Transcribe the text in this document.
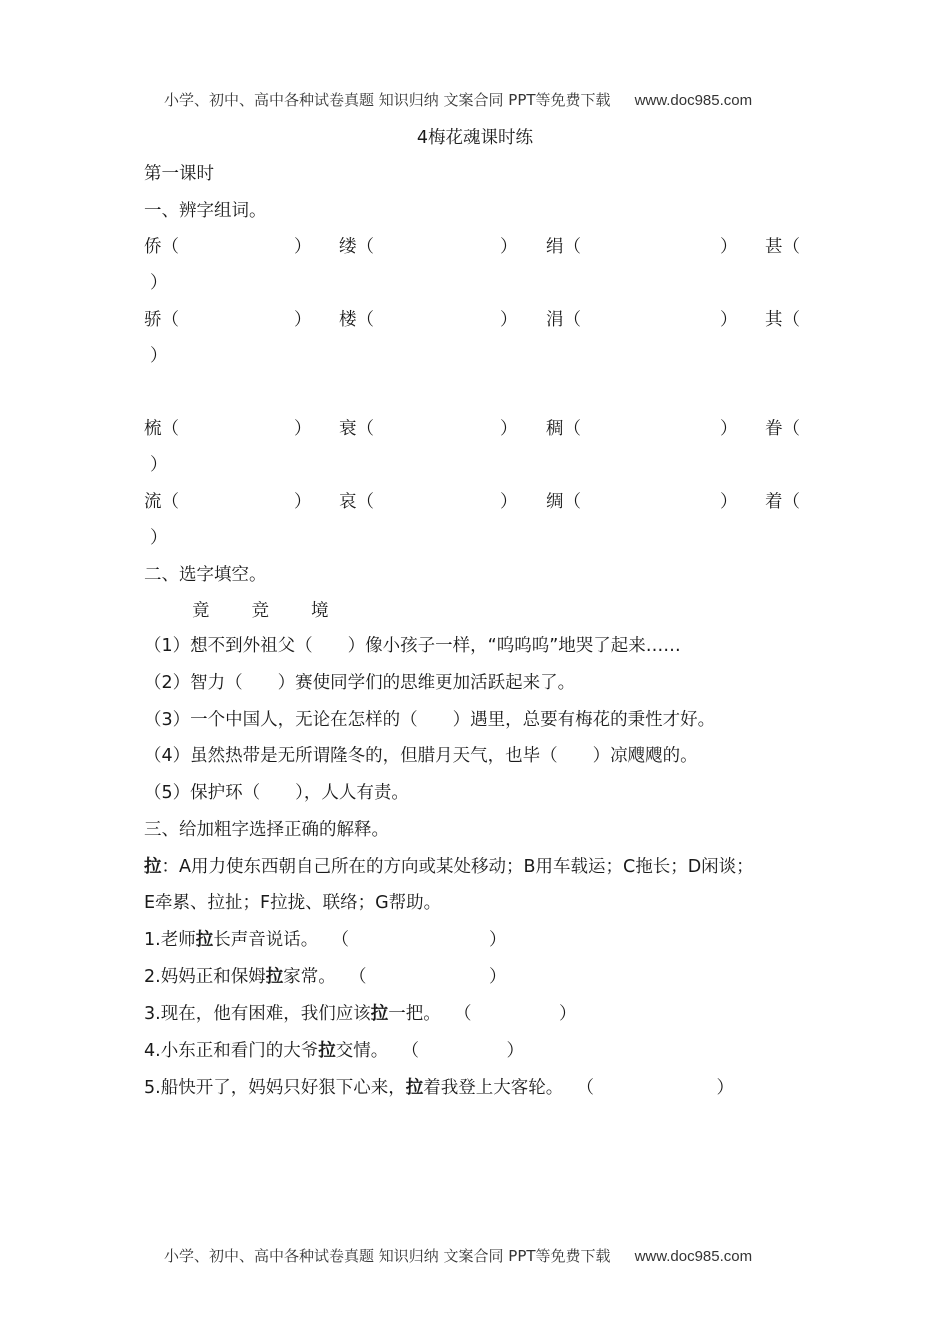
小学、初中、高中各种试卷真题 知识归纳 文案合同 PPT等免费下载 www.doc985.com
4梅花魂课时练
第一课时
一、辨字组词。
侨（	） 缕（	） 绢（	） 甚（
）
骄（	） 楼（	） 涓（	） 其（
）
梳（	） 衰（	） 稠（	） 眷（
）
流（	） 哀（	） 绸（	） 着（
）
二、选字填空。
竟 竞 境
（1）想不到外祖父（　　）像小孩子一样，“呜呜呜”地哭了起来……
（2）智力（　　）赛使同学们的思维更加活跃起来了。
（3）一个中国人，无论在怎样的（　　）遇里，总要有梅花的秉性才好。
（4）虽然热带是无所谓隆冬的，但腊月天气，也毕（　　）凉飕飕的。
（5）保护环（　　），人人有责。
三、给加粗字选择正确的解释。
拉：A用力使东西朝自己所在的方向或某处移动；B用车载运；C拖长；D闲谈；
E牵累、拉扯；F拉拢、联络；G帮助。
1.老师拉长声音说话。 （　　　　　　　　）
2.妈妈正和保姆拉家常。 （　　　　　　　）
3.现在，他有困难，我们应该拉一把。 （　　　　　）
4.小东正和看门的大爷拉交情。 （　　　　　）
5.船快开了，妈妈只好狠下心来，拉着我登上大客轮。 （　　　　　　　）
小学、初中、高中各种试卷真题 知识归纳 文案合同 PPT等免费下载 www.doc985.com
